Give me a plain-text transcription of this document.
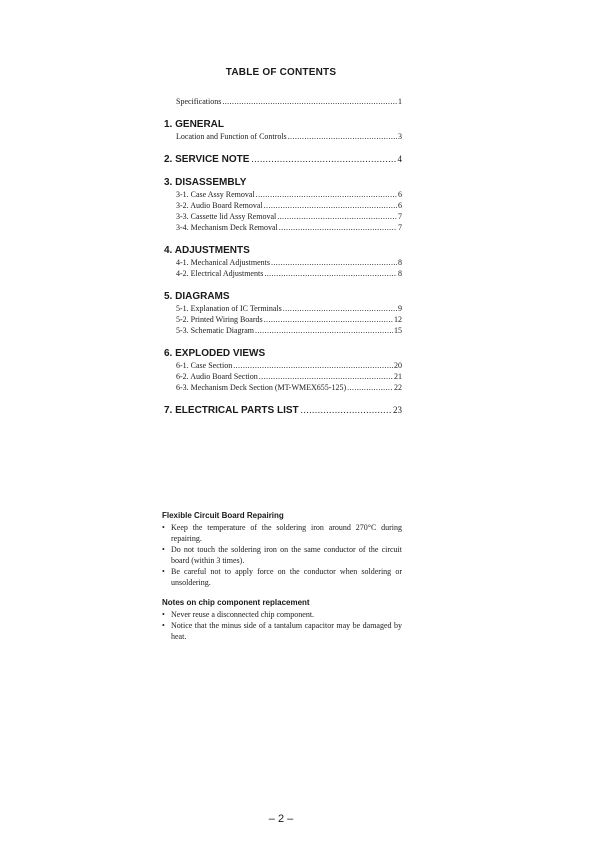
TABLE OF CONTENTS
Specifications .....	1
1. GENERAL
Location and Function of Controls .....	3
2. SERVICE NOTE .....	4
3. DISASSEMBLY
3-1. Case Assy Removal .....	6
3-2. Audio Board Removal .....	6
3-3. Cassette lid Assy Removal .....	7
3-4. Mechanism Deck Removal .....	7
4. ADJUSTMENTS
4-1. Mechanical Adjustments .....	8
4-2. Electrical Adjustments .....	8
5. DIAGRAMS
5-1. Explanation of IC Terminals .....	9
5-2. Printed Wiring Boards .....	12
5-3. Schematic Diagram .....	15
6. EXPLODED VIEWS
6-1. Case Section .....	20
6-2. Audio Board Section .....	21
6-3. Mechanism Deck Section (MT-WMEX655-125) .....	22
7. ELECTRICAL PARTS LIST .....	23
Flexible Circuit Board Repairing
• Keep the temperature of the soldering iron around 270°C during repairing.
• Do not touch the soldering iron on the same conductor of the circuit board (within 3 times).
• Be careful not to apply force on the conductor when soldering or unsoldering.
Notes on chip component replacement
• Never reuse a disconnected chip component.
• Notice that the minus side of a tantalum capacitor may be damaged by heat.
– 2 –
